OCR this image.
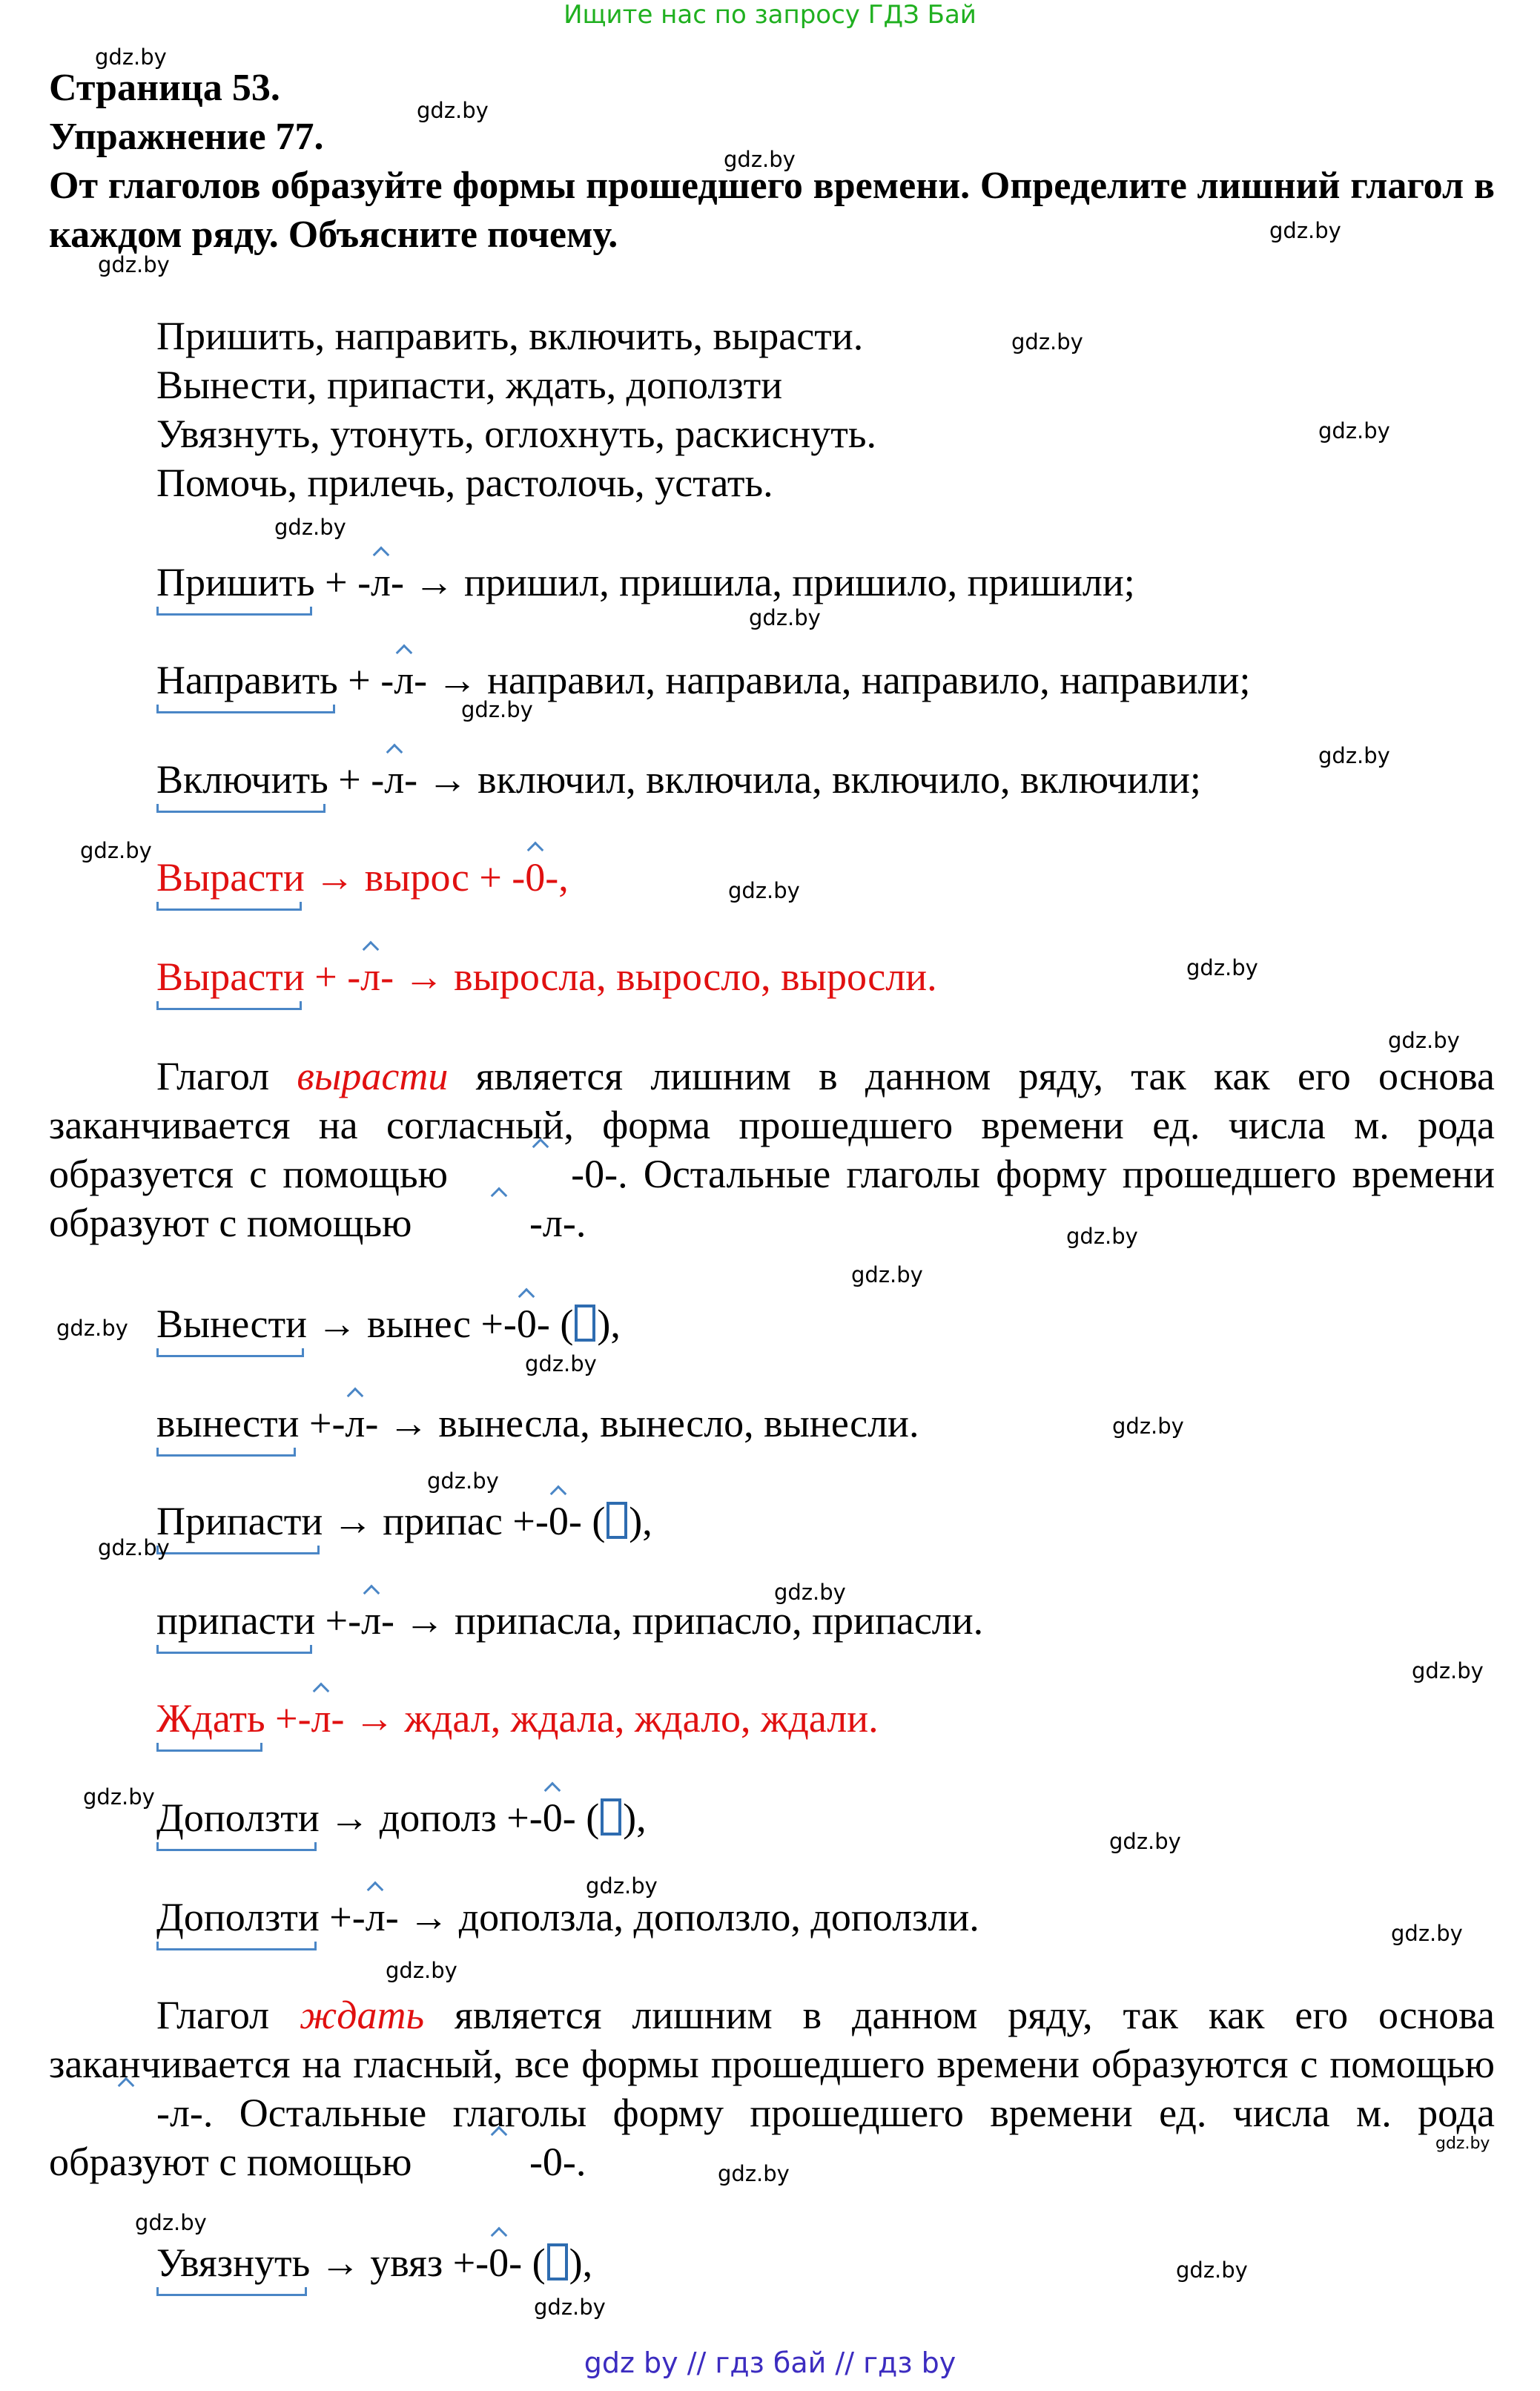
Ищите нас по запросу ГДЗ Бай
Страница 53.
Упражнение 77.
От глаголов образуйте формы прошедшего времени. Определите лишний глагол в каждом ряду. Объясните почему.
Пришить, направить, включить, вырасти.
Вынести, припасти, ждать, доползти
Увязнуть, утонуть, оглохнуть, раскиснуть.
Помочь, прилечь, растолочь, устать.
Пришить + -л- → пришил, пришила, пришило, пришили;
Направить + -л- → направил, направила, направило, направили;
Включить + -л- → включил, включила, включило, включили;
Вырасти → вырос + -0-,
Вырасти + -л- → выросла, выросло, выросли.
Глагол вырасти является лишним в данном ряду, так как его основа заканчивается на согласный, форма прошедшего времени ед. числа м. рода образуется с помощью	-0-. Остальные глаголы форму прошедшего времени образуют с помощью	-л-.
Вынести → вынес +-0- ( ),
вынести +-л- → вынесла, вынесло, вынесли.
Припасти → припас +-0- ( ),
припасти +-л- → припасла, припасло, припасли.
Ждать +-л- → ждал, ждала, ждало, ждали.
Доползти → дополз +-0- ( ),
Доползти +-л- → доползла, доползло, доползли.
Глагол ждать является лишним в данном ряду, так как его основа заканчивается на гласный, все формы прошедшего времени образуются с помощью -л-. Остальные глаголы форму прошедшего времени ед. числа м. рода образуют с помощью	-0-.
Увязнуть → увяз +-0- ( ),
gdz.by
gdz.by
gdz.by
gdz.by
gdz.by
gdz.by
gdz.by
gdz.by
gdz.by
gdz.by
gdz.by
gdz.by
gdz.by
gdz.by
gdz.by
gdz.by
gdz.by
gdz.by
gdz.by
gdz.by
gdz.by
gdz.by
gdz.by
gdz.by
gdz.by
gdz.by
gdz.by
gdz.by
gdz.by
gdz.by
gdz.by
gdz.by
gdz.by
gdz.by
gdz by // гдз бай // гдз by
